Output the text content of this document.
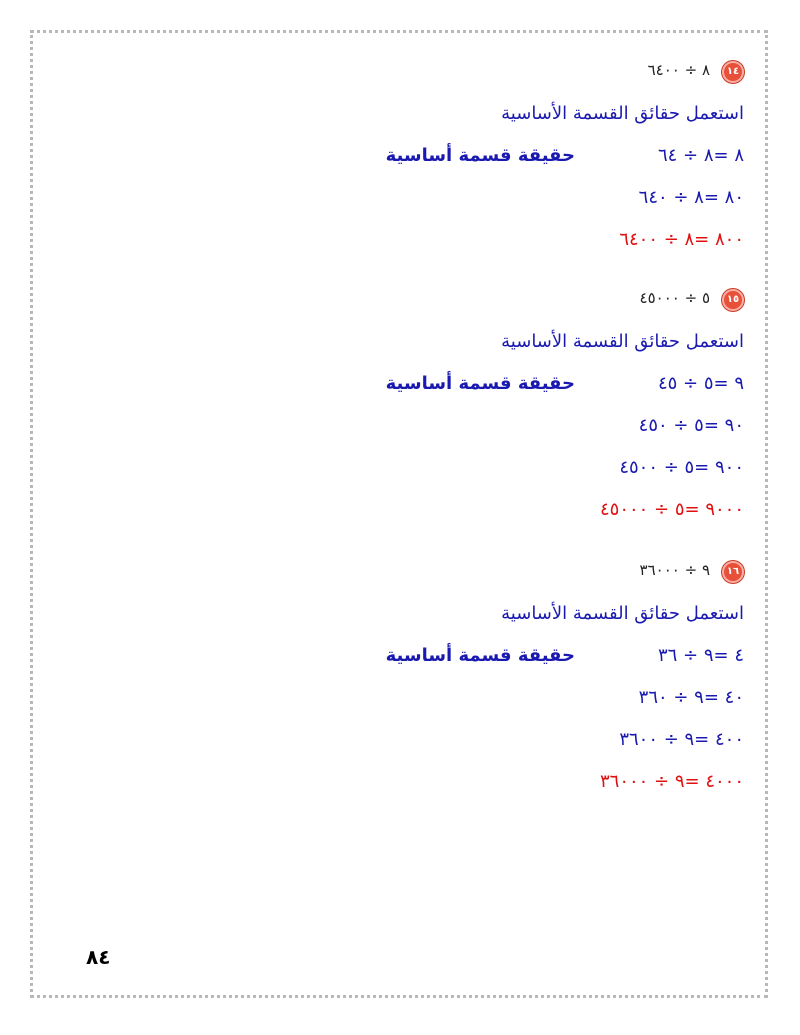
١٤
٨ ÷ ٦٤٠٠
استعمل حقائق القسمة الأساسية
٦٤ ÷ ٨= ٨
حقيقة قسمة أساسية
٦٤٠ ÷ ٨= ٨٠
٦٤٠٠ ÷ ٨= ٨٠٠
١٥
٥ ÷ ٤٥٠٠٠
استعمل حقائق القسمة الأساسية
٤٥ ÷ ٥= ٩
حقيقة قسمة أساسية
٤٥٠ ÷ ٥= ٩٠
٤٥٠٠ ÷ ٥= ٩٠٠
٤٥٠٠٠ ÷ ٥= ٩٠٠٠
١٦
٩ ÷ ٣٦٠٠٠
استعمل حقائق القسمة الأساسية
٣٦ ÷ ٩= ٤
حقيقة قسمة أساسية
٣٦٠ ÷ ٩= ٤٠
٣٦٠٠ ÷ ٩= ٤٠٠
٣٦٠٠٠ ÷ ٩= ٤٠٠٠
٨٤
